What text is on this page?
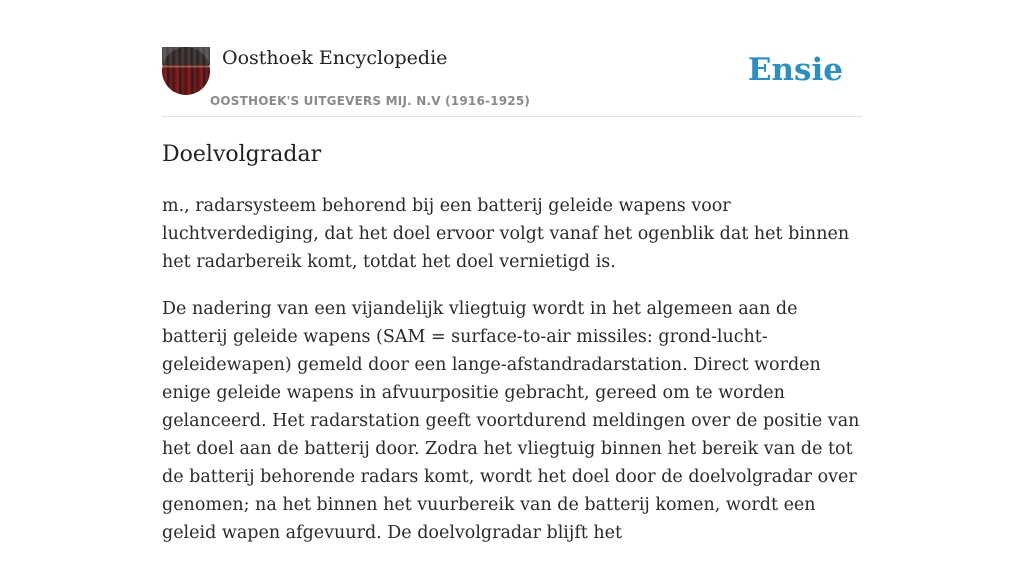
Oosthoek Encyclopedie
OOSTHOEK'S UITGEVERS MIJ. N.V (1916-1925)
Ensie
Doelvolgradar

m., radarsysteem behorend bij een batterij geleide wapens voor luchtverdediging, dat het doel ervoor volgt vanaf het ogenblik dat het binnen het radarbereik komt, totdat het doel vernietigd is.

De nadering van een vijandelijk vliegtuig wordt in het algemeen aan de batterij geleide wapens (SAM = surface-to-air missiles: grond-lucht-geleidewapen) gemeld door een lange-afstandradarstation. Direct worden enige geleide wapens in afvuurpositie gebracht, gereed om te worden gelanceerd. Het radarstation geeft voortdurend meldingen over de positie van het doel aan de batterij door. Zodra het vliegtuig binnen het bereik van de tot de batterij behorende radars komt, wordt het doel door de doelvolgradar over genomen; na het binnen het vuurbereik van de batterij komen, wordt een geleid wapen afgevuurd. De doelvolgradar blijft het
